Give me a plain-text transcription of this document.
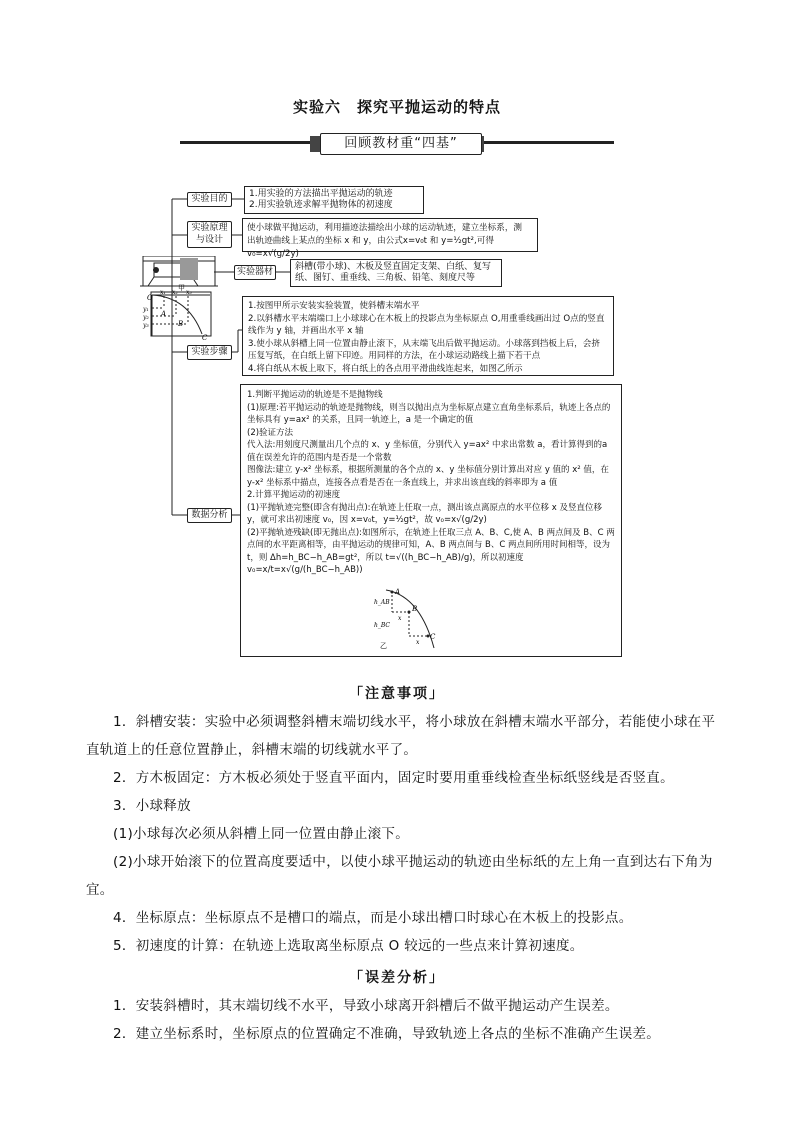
实验六　探究平抛运动的特点
回顾教材重“四基”
实验目的
实验原理
与设计
实验器材
实验步骤
数据分析

1.用实验的方法描出平抛运动的轨迹

2.用实验轨迹求解平抛物体的初速度

使小球做平抛运动，利用描迹法描绘出小球的运动轨迹，建立坐标系，测

出轨迹曲线上某点的坐标 x 和 y，由公式x=v₀t 和 y=½gt²,可得 v₀=x√(g/2y)

斜槽(带小球)、木板及竖直固定支架、白纸、复写纸、图钉、重垂线、三角板、铅笔、刻度尺等

甲
O
x₁ x₂ x₃
y₁
y₂
y₃
A
B
C

1.按图甲所示安装实验装置，使斜槽末端水平

2.以斜槽水平末端端口上小球球心在木板上的投影点为坐标原点 O,用重垂线画出过 O点的竖直线作为 y 轴，并画出水平 x 轴

3.使小球从斜槽上同一位置由静止滚下，从末端飞出后做平抛运动。小球落到挡板上后，会挤压复写纸，在白纸上留下印迹。用同样的方法，在小球运动路线上描下若干点

4.将白纸从木板上取下，将白纸上的各点用平滑曲线连起来，如图乙所示

1.判断平抛运动的轨迹是不是抛物线

(1)原理:若平抛运动的轨迹是抛物线，则当以抛出点为坐标原点建立直角坐标系后，轨迹上各点的坐标具有 y=ax² 的关系，且同一轨迹上，a 是一个确定的值

(2)验证方法

代入法:用刻度尺测量出几个点的 x、y 坐标值，分别代入 y=ax² 中求出常数 a，看计算得到的a值在误差允许的范围内是否是一个常数

图像法:建立 y-x² 坐标系，根据所测量的各个点的 x、y 坐标值分别计算出对应 y 值的 x² 值，在 y-x² 坐标系中描点，连接各点看是否在一条直线上，并求出该直线的斜率即为 a 值

2.计算平抛运动的初速度

(1)平抛轨迹完整(即含有抛出点):在轨迹上任取一点，测出该点离原点的水平位移 x 及竖直位移 y，就可求出初速度 v₀，因 x=v₀t，y=½gt²，故 v₀=x√(g/2y)

(2)平抛轨迹残缺(即无抛出点):如图所示，在轨迹上任取三点 A、B、C,使 A、B 两点间及 B、C 两点间的水平距离相等，由平抛运动的规律可知，A、B 两点间与 B、C 两点间所用时间相等，设为 t，则 Δh=h_BC−h_AB=gt²，所以 t=√((h_BC−h_AB)/g)，所以初速度 v₀=x/t=x√(g/(h_BC−h_AB))

A
B
C
h_AB
h_BC
x
x
乙
「注意事项」

1．斜槽安装：实验中必须调整斜槽末端切线水平，将小球放在斜槽末端水平部分，若能使小球在平直轨道上的任意位置静止，斜槽末端的切线就水平了。

2．方木板固定：方木板必须处于竖直平面内，固定时要用重垂线检查坐标纸竖线是否竖直。

3．小球释放

(1)小球每次必须从斜槽上同一位置由静止滚下。

(2)小球开始滚下的位置高度要适中，以使小球平抛运动的轨迹由坐标纸的左上角一直到达右下角为宜。

4．坐标原点：坐标原点不是槽口的端点，而是小球出槽口时球心在木板上的投影点。

5．初速度的计算：在轨迹上选取离坐标原点 O 较远的一些点来计算初速度。

「误差分析」

1．安装斜槽时，其末端切线不水平，导致小球离开斜槽后不做平抛运动产生误差。

2．建立坐标系时，坐标原点的位置确定不准确，导致轨迹上各点的坐标不准确产生误差。
